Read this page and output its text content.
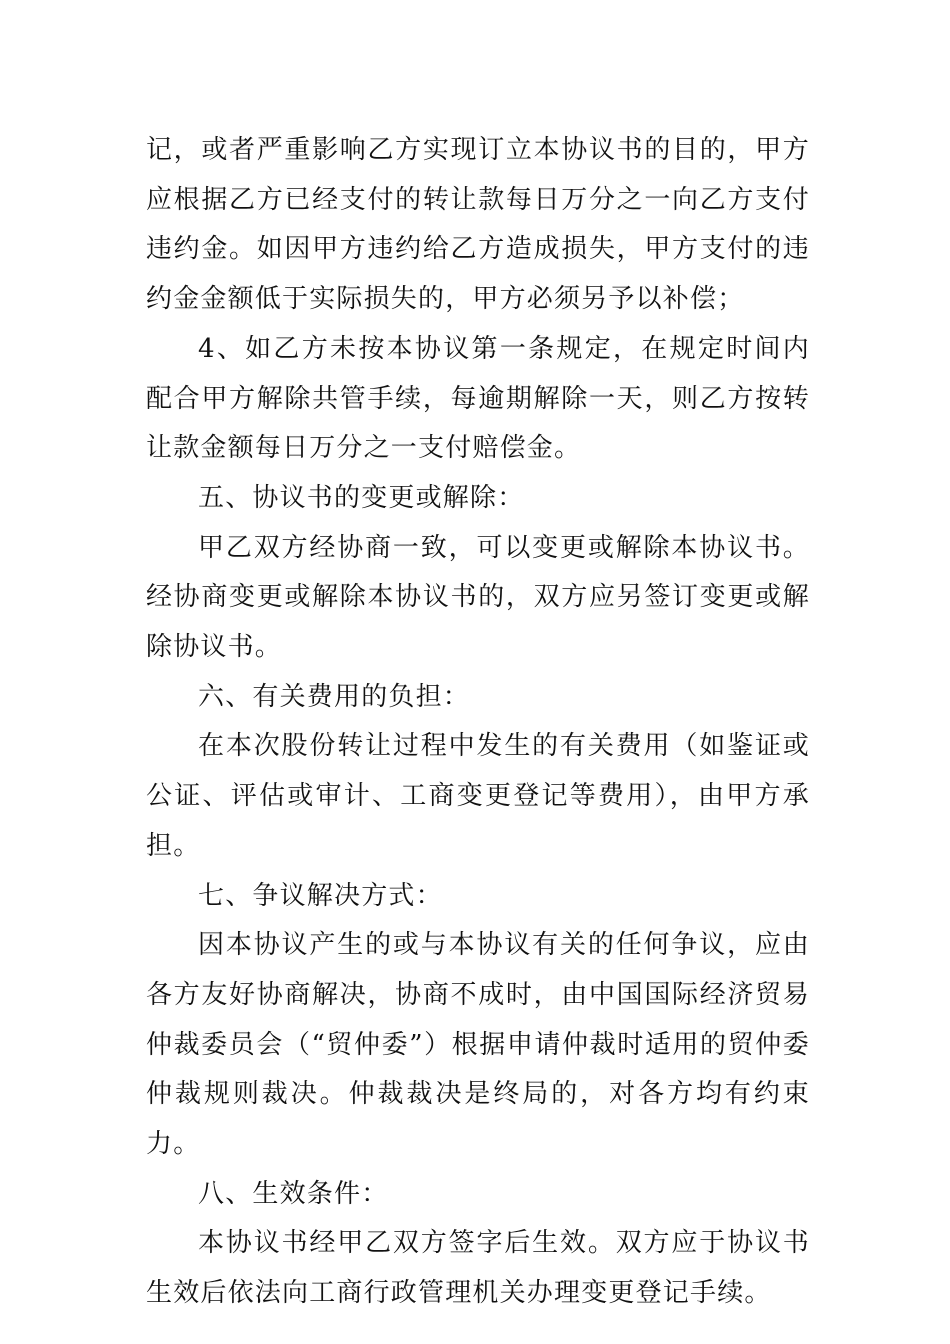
记，或者严重影响乙方实现订立本协议书的目的，甲方应根据乙方已经支付的转让款每日万分之一向乙方支付违约金。如因甲方违约给乙方造成损失，甲方支付的违约金金额低于实际损失的，甲方必须另予以补偿；

4、如乙方未按本协议第一条规定，在规定时间内配合甲方解除共管手续，每逾期解除一天，则乙方按转让款金额每日万分之一支付赔偿金。

五、协议书的变更或解除：

甲乙双方经协商一致，可以变更或解除本协议书。经协商变更或解除本协议书的，双方应另签订变更或解除协议书。

六、有关费用的负担：

在本次股份转让过程中发生的有关费用（如鉴证或公证、评估或审计、工商变更登记等费用），由甲方承担。

七、争议解决方式：

因本协议产生的或与本协议有关的任何争议，应由各方友好协商解决，协商不成时，由中国国际经济贸易仲裁委员会（“贸仲委”）根据申请仲裁时适用的贸仲委仲裁规则裁决。仲裁裁决是终局的，对各方均有约束力。

八、生效条件：

本协议书经甲乙双方签字后生效。双方应于协议书生效后依法向工商行政管理机关办理变更登记手续。
